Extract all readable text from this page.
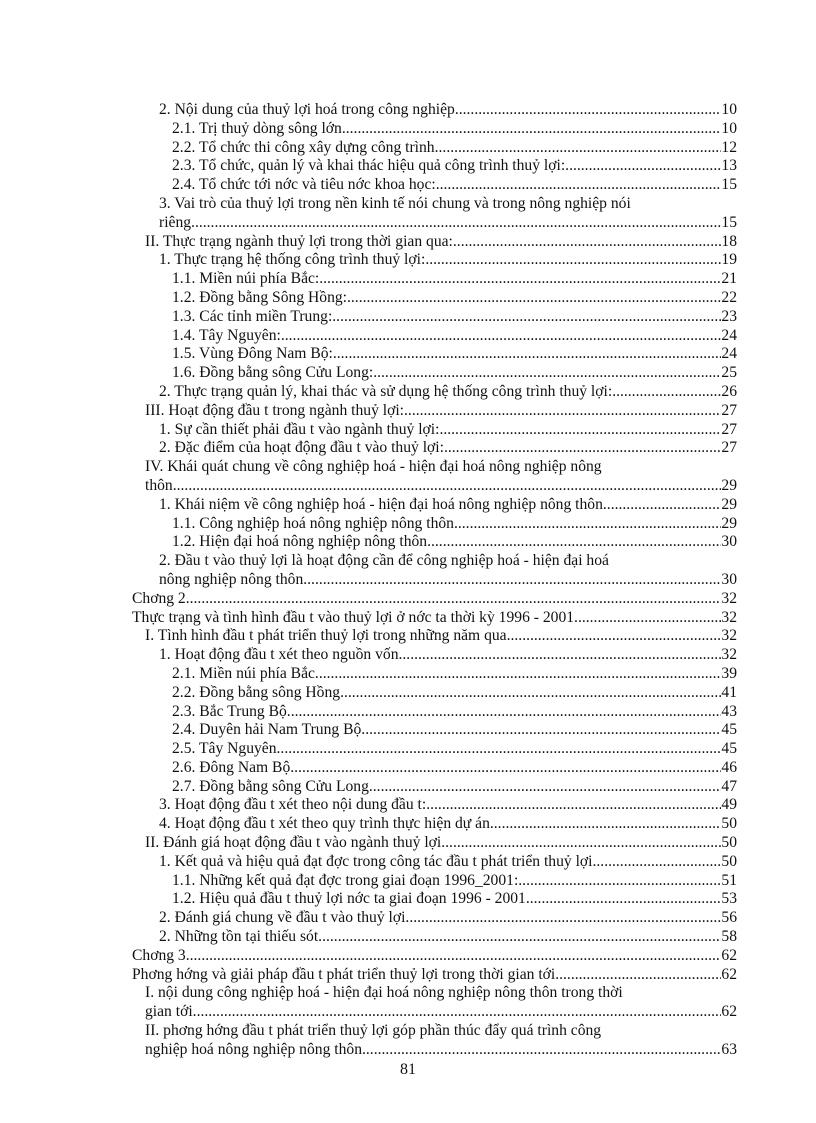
2. Nội dung của thuỷ lợi hoá trong công nghiệp. .....	10
2.1. Trị thuỷ dòng sông lớn. .....	10
2.2. Tổ chức thi công xây dựng công trình. .....	12
2.3. Tổ chức, quản lý và khai thác hiệu quả công trình thuỷ lợi: .....	13
2.4. Tổ chức tới nớc và tiêu nớc khoa học: .....	15
3. Vai trò của thuỷ lợi trong nền kinh tế nói chung và trong nông nghiệp nói
riêng. .....	15
II. Thực trạng ngành thuỷ lợi trong thời gian qua: .....	18
1. Thực trạng hệ thống công trình thuỷ lợi: .....	19
1.1. Miền núi phía Bắc: .....	21
1.2. Đồng bằng Sông Hồng: .....	22
1.3. Các tỉnh miền Trung: .....	23
1.4. Tây Nguyên: .....	24
1.5. Vùng Đông Nam Bộ: .....	24
1.6. Đồng bằng sông Cửu Long: .....	25
2. Thực trạng quản lý, khai thác và sử dụng hệ thống công trình thuỷ lợi: .....	26
III. Hoạt động đầu t trong ngành thuỷ lợi: .....	27
1. Sự cần thiết phải đầu t vào ngành thuỷ lợi: .....	27
2. Đặc điểm của hoạt động đầu t vào thuỷ lợi: .....	27
IV. Khái quát chung về công nghiệp hoá - hiện đại hoá nông nghiệp nông
thôn. .....	29
1. Khái niệm về công nghiệp hoá - hiện đại hoá nông nghiệp nông thôn .....	29
1.1. Công nghiệp hoá nông nghiệp nông thôn .....	29
1.2. Hiện đại hoá nông nghiệp nông thôn .....	30
2. Đầu t vào thuỷ lợi là hoạt động cần để công nghiệp hoá - hiện đại hoá
nông nghiệp nông thôn .....	30
Chơng 2 .....	32
Thực trạng và tình hình đầu t vào thuỷ lợi ở nớc ta thời kỳ 1996 - 2001 .....	32
I. Tình hình đầu t phát triển thuỷ lợi trong những năm qua .....	32
1. Hoạt động đầu t xét theo nguồn vốn. .....	32
2.1. Miền núi phía Bắc .....	39
2.2. Đồng bằng sông Hồng .....	41
2.3. Bắc Trung Bộ. .....	43
2.4. Duyên hải Nam Trung Bộ. .....	45
2.5. Tây Nguyên. .....	45
2.6. Đông Nam Bộ. .....	46
2.7. Đồng bằng sông Cửu Long. .....	47
3. Hoạt động đầu t xét theo nội dung đầu t: .....	49
4. Hoạt động đầu t xét theo quy trình thực hiện dự án. .....	50
II. Đánh giá hoạt động đầu t vào ngành thuỷ lợi .....	50
1. Kết quả và hiệu quả đạt đợc trong công tác đầu t phát triển thuỷ lợi. .....	50
1.1. Những kết quả đạt đợc trong giai đoạn 1996_2001: .....	51
1.2. Hiệu quả đầu t thuỷ lợi nớc ta giai đoạn 1996 - 2001 .....	53
2. Đánh giá chung về đầu t vào thuỷ lợi. .....	56
2. Những tồn tại thiếu sót. .....	58
Chơng 3 .....	62
Phơng hớng và giải pháp đầu t phát triển thuỷ lợi trong thời gian tới. .....	62
I. nội dung công nghiệp hoá - hiện đại hoá nông nghiệp nông thôn trong thời
gian tới. .....	62
II. phơng hớng đầu t phát triển thuỷ lợi góp phần thúc đẩy quá trình công
nghiệp hoá nông nghiệp nông thôn .....	63
81
